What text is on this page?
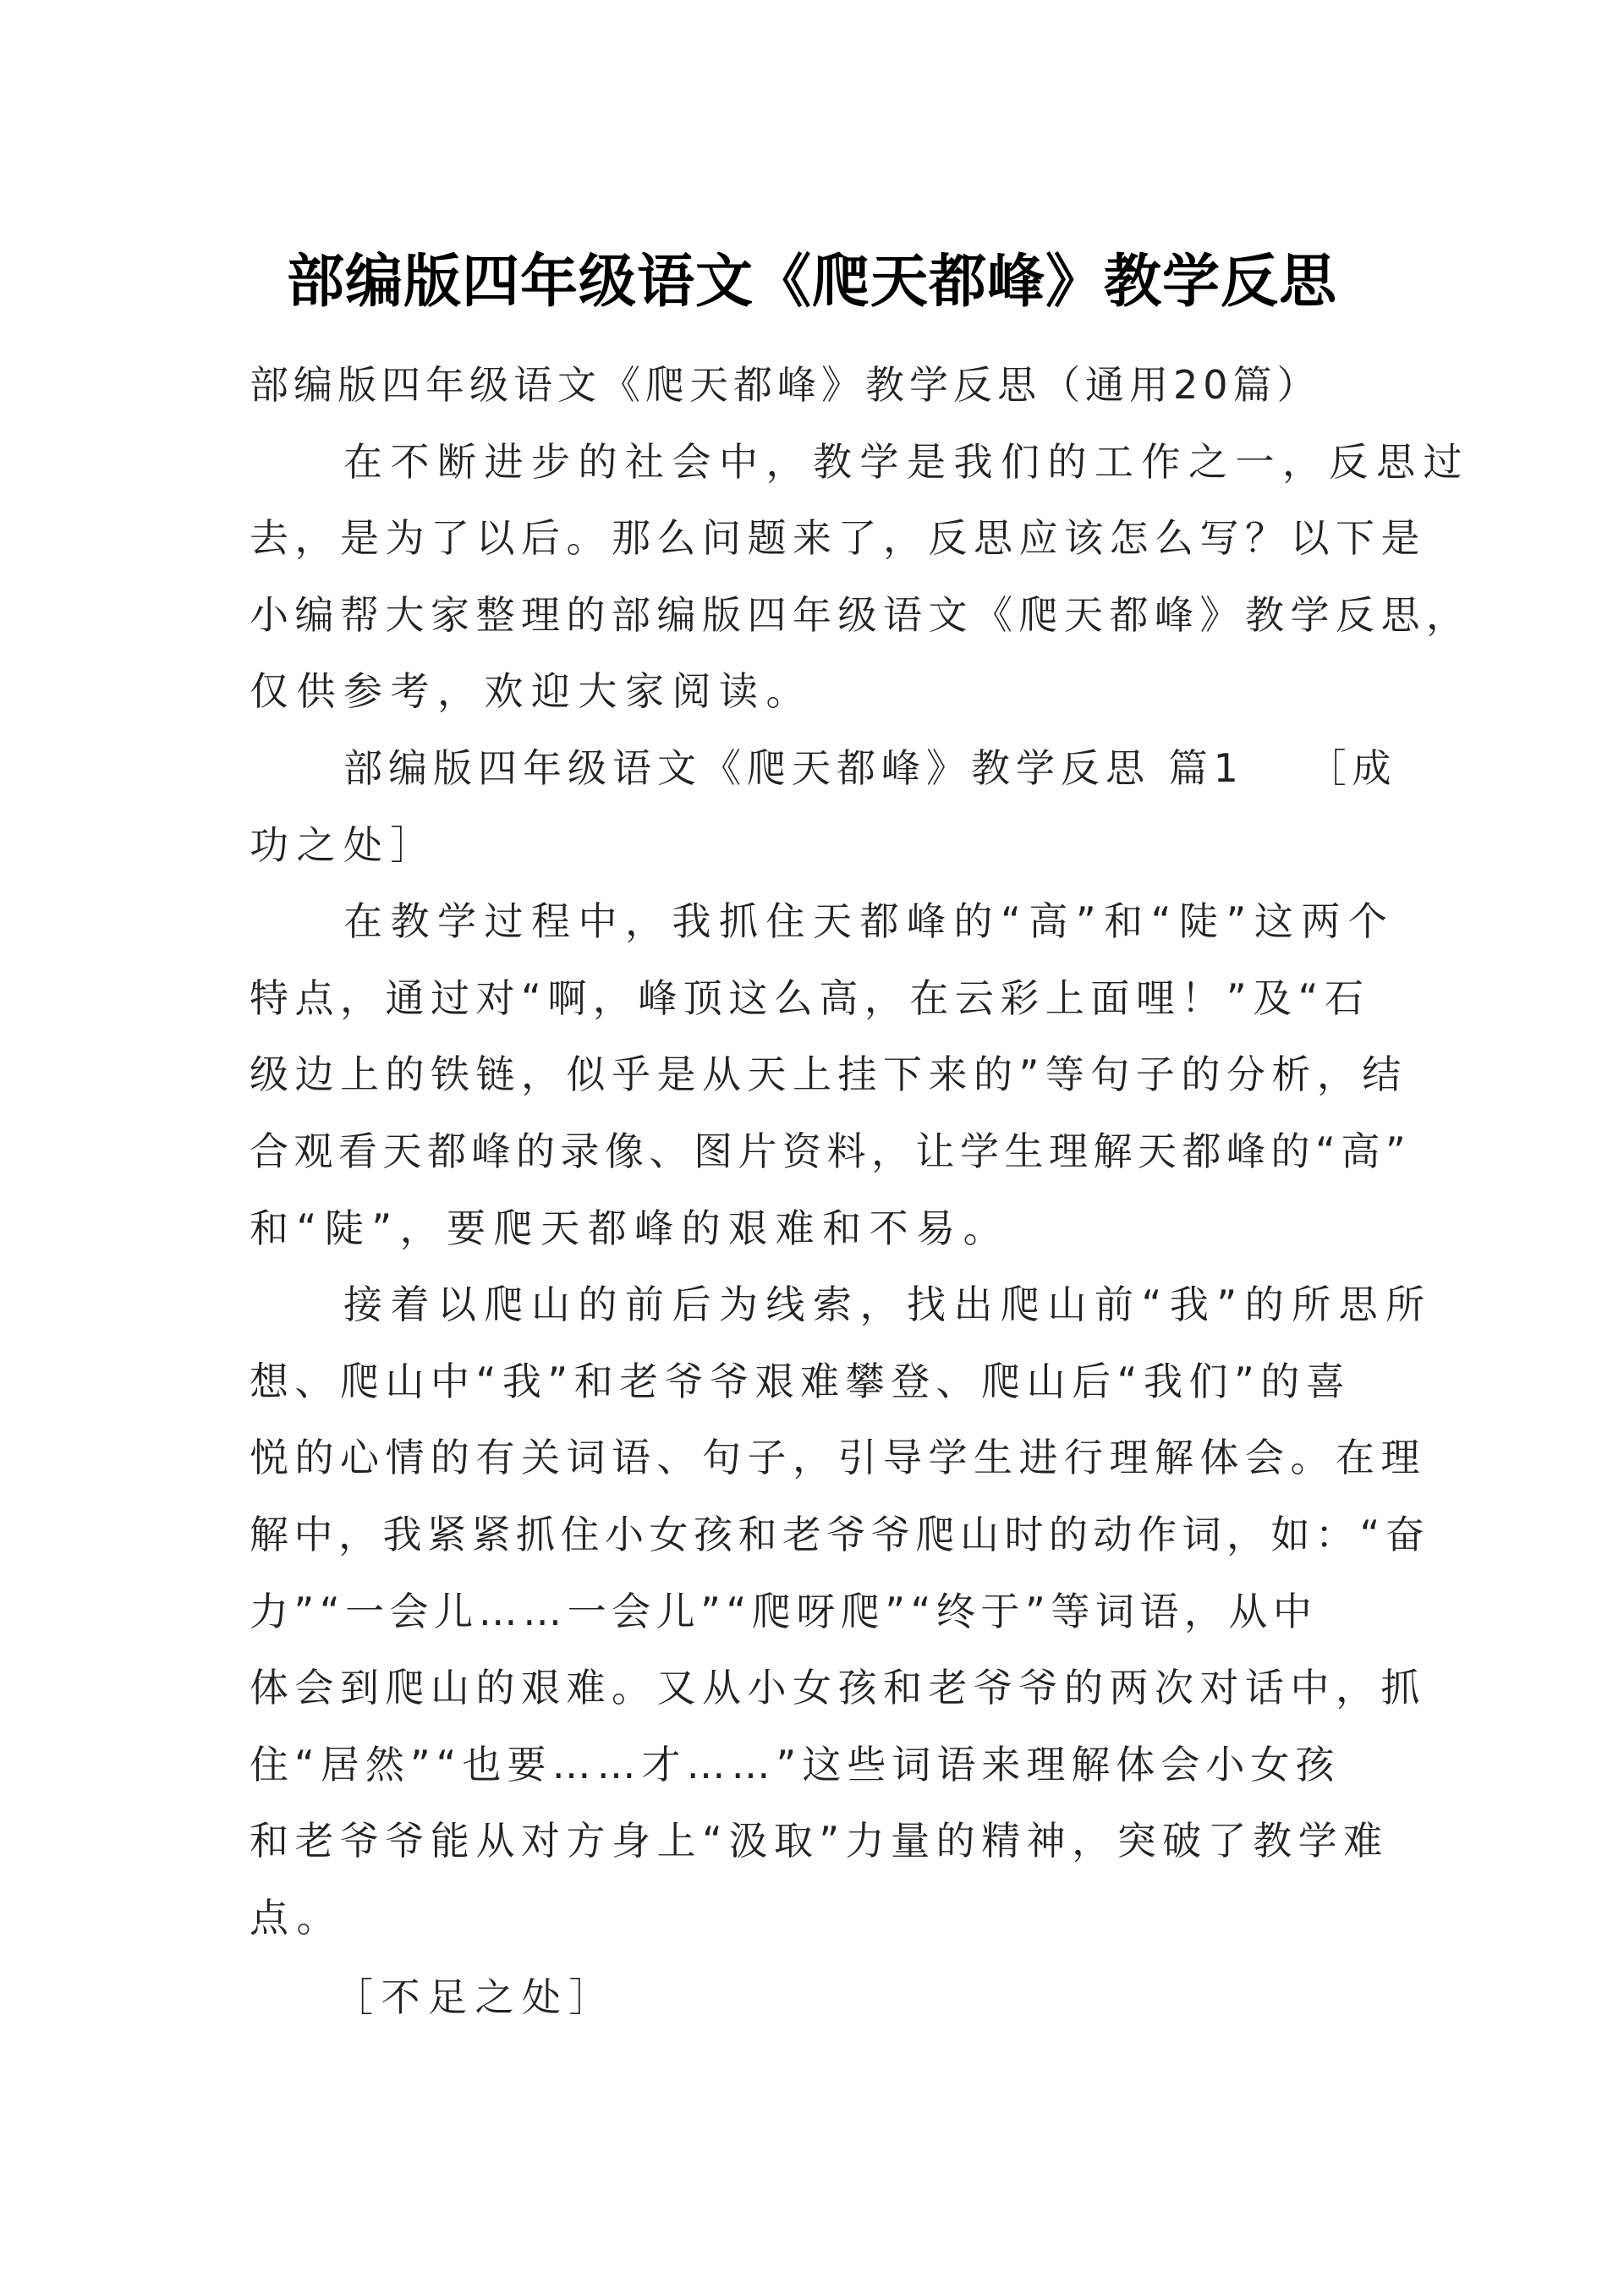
部编版四年级语文《爬天都峰》教学反思

部编版四年级语文《爬天都峰》教学反思（通用20篇）

在不断进步的社会中，教学是我们的工作之一，反思过
去，是为了以后。那么问题来了，反思应该怎么写？以下是
小编帮大家整理的部编版四年级语文《爬天都峰》教学反思，
仅供参考，欢迎大家阅读。

部编版四年级语文《爬天都峰》教学反思 篇1　 ［成
功之处］

在教学过程中，我抓住天都峰的“高”和“陡”这两个
特点，通过对“啊，峰顶这么高，在云彩上面哩！”及“石
级边上的铁链，似乎是从天上挂下来的”等句子的分析，结
合观看天都峰的录像、图片资料，让学生理解天都峰的“高”
和“陡”，要爬天都峰的艰难和不易。

接着以爬山的前后为线索，找出爬山前“我”的所思所
想、爬山中“我”和老爷爷艰难攀登、爬山后“我们”的喜
悦的心情的有关词语、句子，引导学生进行理解体会。在理
解中，我紧紧抓住小女孩和老爷爷爬山时的动作词，如：“奋
力”“一会儿……一会儿”“爬呀爬”“终于”等词语，从中
体会到爬山的艰难。又从小女孩和老爷爷的两次对话中，抓
住“居然”“也要……才……”这些词语来理解体会小女孩
和老爷爷能从对方身上“汲取”力量的精神，突破了教学难
点。

［不足之处］
